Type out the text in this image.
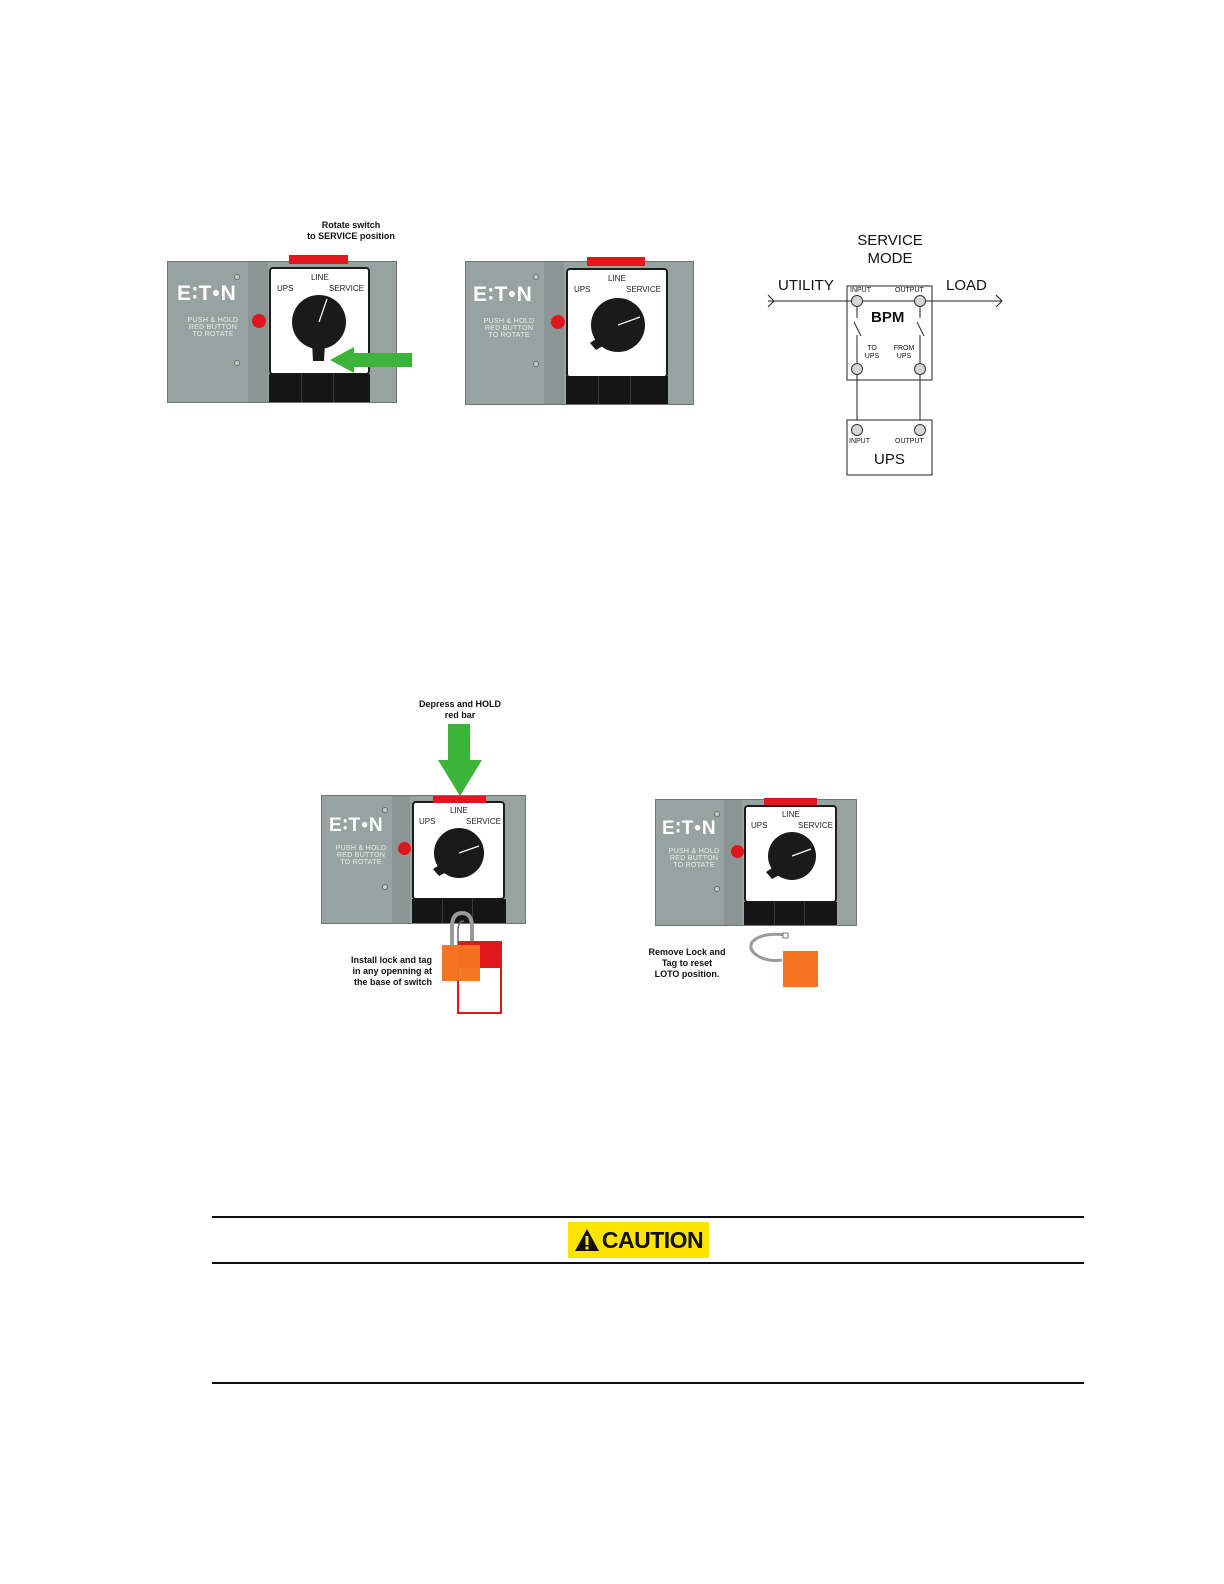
Rotate switch
to SERVICE position
E∶T•N
PUSH & HOLD
RED BUTTON
TO ROTATE
LINE
UPS	SERVICE	E∶T•N
PUSH & HOLD
RED BUTTON
TO ROTATE
LINE
UPS	SERVICE
SERVICE
MODE
UTILITY	LOAD
INPUT	OUTPUT
BPM
TO
UPS
FROM
UPS
INPUT	OUTPUT
UPS
Depress and HOLD
red bar
E∶T•N
PUSH & HOLD
RED BUTTON
TO ROTATE
LINE
UPS	SERVICE
Install lock and tag
in any openning at
the base of switch
E∶T•N
PUSH & HOLD
RED BUTTON
TO ROTATE
LINE
UPS	SERVICE
Remove Lock and
Tag to reset
LOTO position.
CAUTION
